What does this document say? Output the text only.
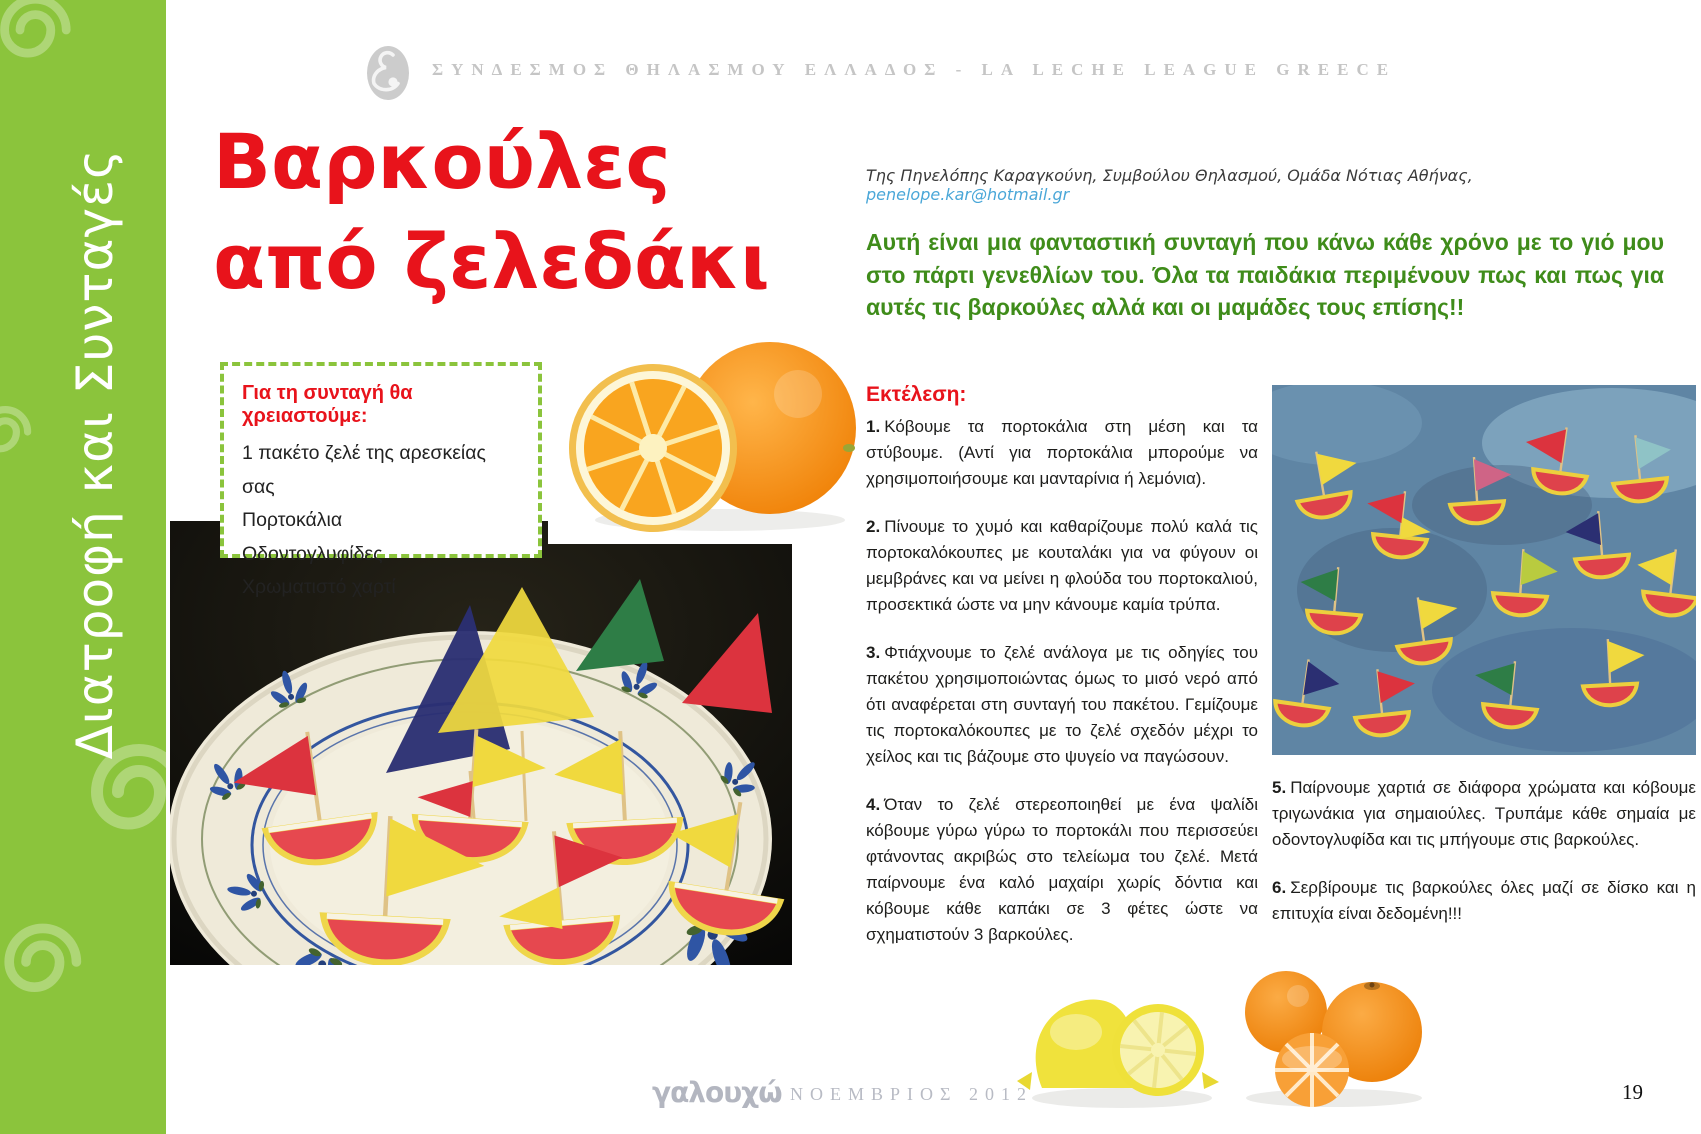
Διατροφή και Συνταγές
ΣΥΝΔΕΣΜΟΣ ΘΗΛΑΣΜΟΥ ΕΛΛΑΔΟΣ - LA LECHE LEAGUE GREECE
Βαρκούλες
από ζελεδάκι
Της Πηνελόπης Καραγκούνη, Συμβούλου Θηλασμού, Ομάδα Νότιας Αθήνας, penelope.kar@hotmail.gr
Αυτή είναι μια φανταστική συνταγή που κάνω κάθε χρόνο με το γιό μου στο πάρτι γενεθλίων του. Όλα τα παιδάκια περιμένουν πως και πως για αυτές τις βαρκούλες αλλά και οι μαμάδες τους επίσης!!
Για τη συνταγή θα χρειαστούμε:
1 πακέτο ζελέ της αρεσκείας σας
Πορτοκάλια
Οδοντογλυφίδες
Χρωματιστό χαρτί
Εκτέλεση:

1. Κόβουμε τα πορτοκάλια στη μέση και τα στύβουμε. (Αντί για πορτοκάλια μπορούμε να χρησιμοποιήσουμε και μανταρίνια ή λεμόνια).

2. Πίνουμε το χυμό και καθαρίζουμε πολύ καλά τις πορτοκαλόκουπες με κουταλάκι για να φύγουν οι μεμβράνες και να μείνει η φλούδα του πορτοκαλιού, προσεκτικά ώστε να μην κάνουμε καμία τρύπα.

3. Φτιάχνουμε το ζελέ ανάλογα με τις οδηγίες του πακέτου χρησιμοποιώντας όμως το μισό νερό από ότι αναφέρεται στη συνταγή του πακέτου. Γεμίζουμε τις πορτοκαλόκουπες με το ζελέ σχεδόν μέχρι το χείλος και τις βάζουμε στο ψυγείο να παγώσουν.

4. Όταν το ζελέ στερεοποιηθεί με ένα ψαλίδι κόβουμε γύρω γύρω το πορτοκάλι που περισσεύει φτάνοντας ακριβώς στο τελείωμα του ζελέ. Μετά παίρνουμε ένα καλό μαχαίρι χωρίς δόντια και κόβουμε κάθε καπάκι σε 3 φέτες ώστε να σχηματιστούν 3 βαρκούλες.

5. Παίρνουμε χαρτιά σε διάφορα χρώματα και κόβουμε τριγωνάκια για σημαιούλες. Τρυπάμε κάθε σημαία με οδοντογλυφίδα και τις μπήγουμε στις βαρκούλες.

6. Σερβίρουμε τις βαρκούλες όλες μαζί σε δίσκο και η επιτυχία είναι δεδομένη!!!

γαλουχώ ΝΟΕΜΒΡΙΟΣ 2012	19
